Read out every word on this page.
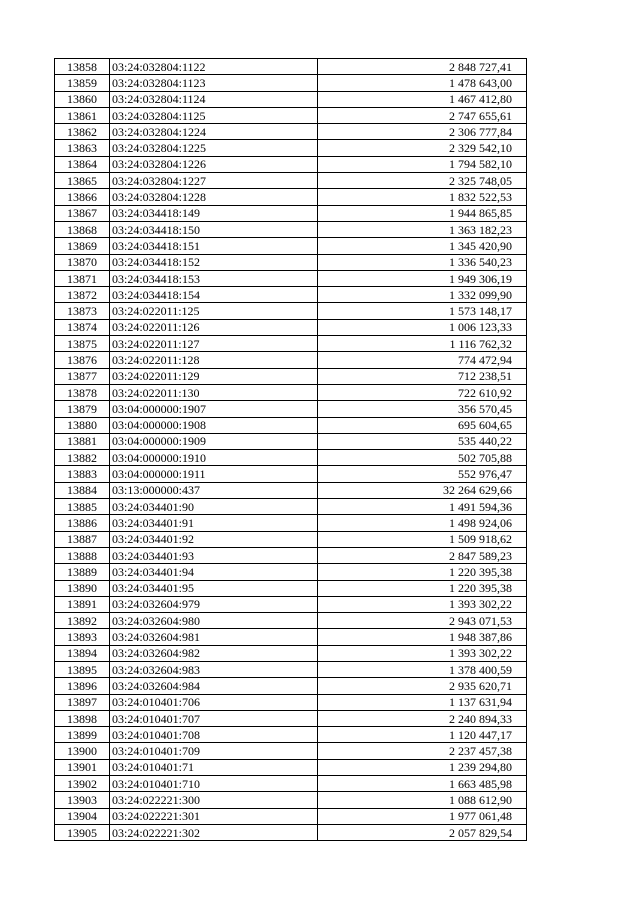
13858	03:24:032804:1122	2 848 727,41
13859	03:24:032804:1123	1 478 643,00
13860	03:24:032804:1124	1 467 412,80
13861	03:24:032804:1125	2 747 655,61
13862	03:24:032804:1224	2 306 777,84
13863	03:24:032804:1225	2 329 542,10
13864	03:24:032804:1226	1 794 582,10
13865	03:24:032804:1227	2 325 748,05
13866	03:24:032804:1228	1 832 522,53
13867	03:24:034418:149	1 944 865,85
13868	03:24:034418:150	1 363 182,23
13869	03:24:034418:151	1 345 420,90
13870	03:24:034418:152	1 336 540,23
13871	03:24:034418:153	1 949 306,19
13872	03:24:034418:154	1 332 099,90
13873	03:24:022011:125	1 573 148,17
13874	03:24:022011:126	1 006 123,33
13875	03:24:022011:127	1 116 762,32
13876	03:24:022011:128	774 472,94
13877	03:24:022011:129	712 238,51
13878	03:24:022011:130	722 610,92
13879	03:04:000000:1907	356 570,45
13880	03:04:000000:1908	695 604,65
13881	03:04:000000:1909	535 440,22
13882	03:04:000000:1910	502 705,88
13883	03:04:000000:1911	552 976,47
13884	03:13:000000:437	32 264 629,66
13885	03:24:034401:90	1 491 594,36
13886	03:24:034401:91	1 498 924,06
13887	03:24:034401:92	1 509 918,62
13888	03:24:034401:93	2 847 589,23
13889	03:24:034401:94	1 220 395,38
13890	03:24:034401:95	1 220 395,38
13891	03:24:032604:979	1 393 302,22
13892	03:24:032604:980	2 943 071,53
13893	03:24:032604:981	1 948 387,86
13894	03:24:032604:982	1 393 302,22
13895	03:24:032604:983	1 378 400,59
13896	03:24:032604:984	2 935 620,71
13897	03:24:010401:706	1 137 631,94
13898	03:24:010401:707	2 240 894,33
13899	03:24:010401:708	1 120 447,17
13900	03:24:010401:709	2 237 457,38
13901	03:24:010401:71	1 239 294,80
13902	03:24:010401:710	1 663 485,98
13903	03:24:022221:300	1 088 612,90
13904	03:24:022221:301	1 977 061,48
13905	03:24:022221:302	2 057 829,54
